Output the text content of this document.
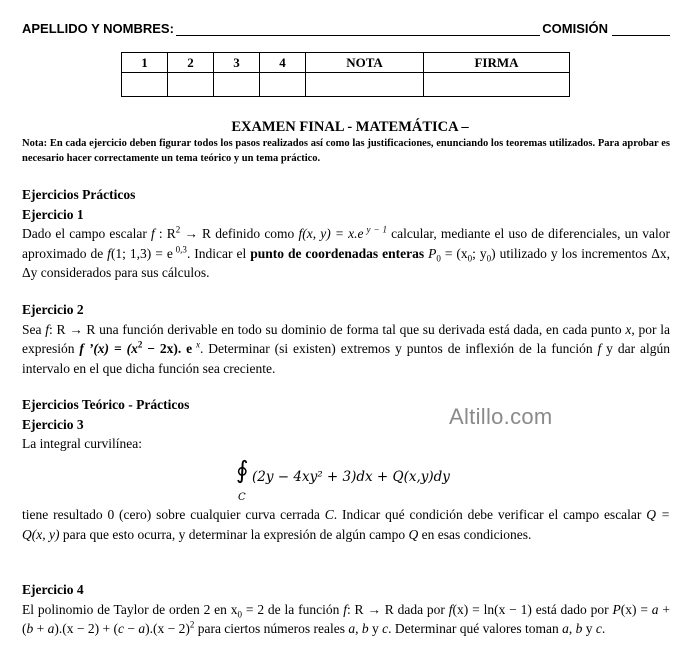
APELLIDO Y NOMBRES:	COMISIÓN
1	2	3	4	NOTA	FIRMA

EXAMEN FINAL - MATEMÁTICA –
Nota: En cada ejercicio deben figurar todos los pasos realizados así como las justificaciones, enunciando los teoremas utilizados. Para aprobar es necesario hacer correctamente un tema teórico y un tema práctico.
Ejercicios Prácticos
Ejercicio 1
Dado el campo escalar f : $R^2 \to R$ definido como f(x, y) = x.e $^{y - 1}$ calcular, mediante el uso de diferenciales, un valor aproximado de f(1; 1,3) = e $^{0,3}$. Indicar el punto de coordenadas enteras $P_0 = (x_0$; $y_0$) utilizado y los incrementos Δx, Δy considerados para sus cálculos.
Ejercicio 2
Sea f: R → R una función derivable en todo su dominio de forma tal que su derivada está dada, en cada punto x, por la expresión f ’(x) = $(x^2 - 2x)$. e $^x$. Determinar (si existen) extremos y puntos de inflexión de la función f y dar algún intervalo en el que dicha función sea creciente.
Ejercicios Teórico - Prácticos
Ejercicio 3
La integral curvilínea:
Altillo.com
∮
C
(2y − 4xy² + 3)dx + Q(x,y)dy
tiene resultado 0 (cero) sobre cualquier curva cerrada C. Indicar qué condición debe verificar el campo escalar Q = Q(x, y) para que esto ocurra, y determinar la expresión de algún campo Q en esas condiciones.
Ejercicio 4
El polinomio de Taylor de orden 2 en $x_0 = 2$ de la función f: R → R dada por f(x) = ln(x − 1) está dado por $P(x) = a + (b + a).(x - 2) + (c - a).(x - 2)^2$ para ciertos números reales a, b y c. Determinar qué valores toman a, b y c.
